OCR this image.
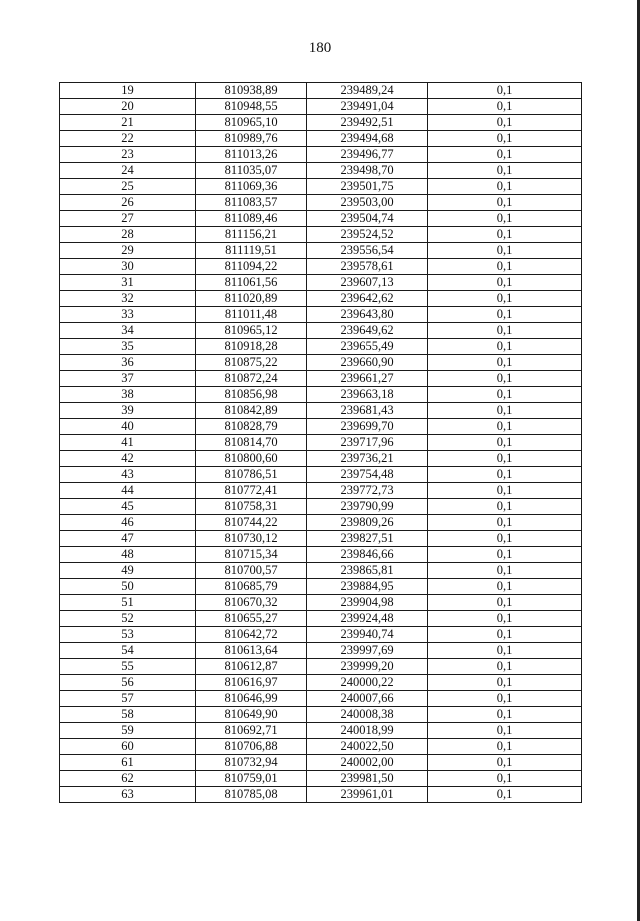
180
19	810938,89	239489,24	0,1
20	810948,55	239491,04	0,1
21	810965,10	239492,51	0,1
22	810989,76	239494,68	0,1
23	811013,26	239496,77	0,1
24	811035,07	239498,70	0,1
25	811069,36	239501,75	0,1
26	811083,57	239503,00	0,1
27	811089,46	239504,74	0,1
28	811156,21	239524,52	0,1
29	811119,51	239556,54	0,1
30	811094,22	239578,61	0,1
31	811061,56	239607,13	0,1
32	811020,89	239642,62	0,1
33	811011,48	239643,80	0,1
34	810965,12	239649,62	0,1
35	810918,28	239655,49	0,1
36	810875,22	239660,90	0,1
37	810872,24	239661,27	0,1
38	810856,98	239663,18	0,1
39	810842,89	239681,43	0,1
40	810828,79	239699,70	0,1
41	810814,70	239717,96	0,1
42	810800,60	239736,21	0,1
43	810786,51	239754,48	0,1
44	810772,41	239772,73	0,1
45	810758,31	239790,99	0,1
46	810744,22	239809,26	0,1
47	810730,12	239827,51	0,1
48	810715,34	239846,66	0,1
49	810700,57	239865,81	0,1
50	810685,79	239884,95	0,1
51	810670,32	239904,98	0,1
52	810655,27	239924,48	0,1
53	810642,72	239940,74	0,1
54	810613,64	239997,69	0,1
55	810612,87	239999,20	0,1
56	810616,97	240000,22	0,1
57	810646,99	240007,66	0,1
58	810649,90	240008,38	0,1
59	810692,71	240018,99	0,1
60	810706,88	240022,50	0,1
61	810732,94	240002,00	0,1
62	810759,01	239981,50	0,1
63	810785,08	239961,01	0,1
